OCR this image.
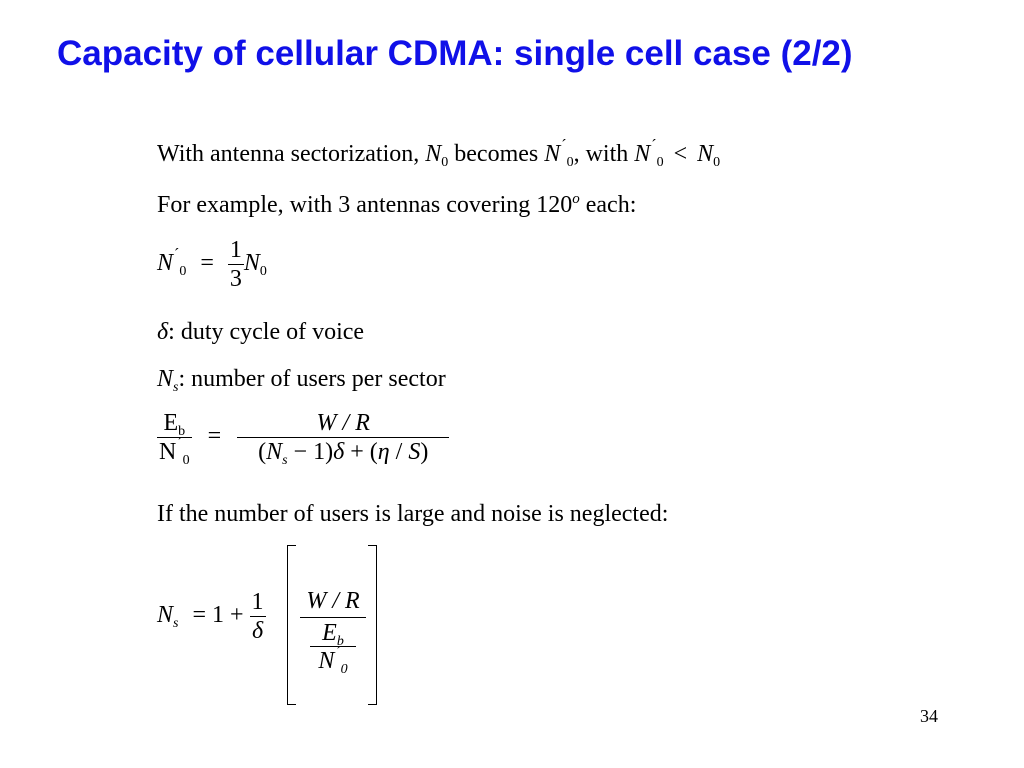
Capacity of cellular CDMA: single cell case (2/2)
With antenna sectorization, $N_0$ becomes $N^´_0$, with $N^´_0 < N_0$
For example, with 3 antennas covering 120$^o$ each:
$N^´_0 = \frac{1}{3} N_0$
δ: duty cycle of voice
$N_s$: number of users per sector
$\frac{E_b}{N^´_0} = \frac{W / R}{(N_s - 1)\delta + (\eta / S)}$
If the number of users is large and noise is neglected:
$N_s = 1 + \frac{1}{\delta}$ W / R
$E_b$
$N^´_0$
34
